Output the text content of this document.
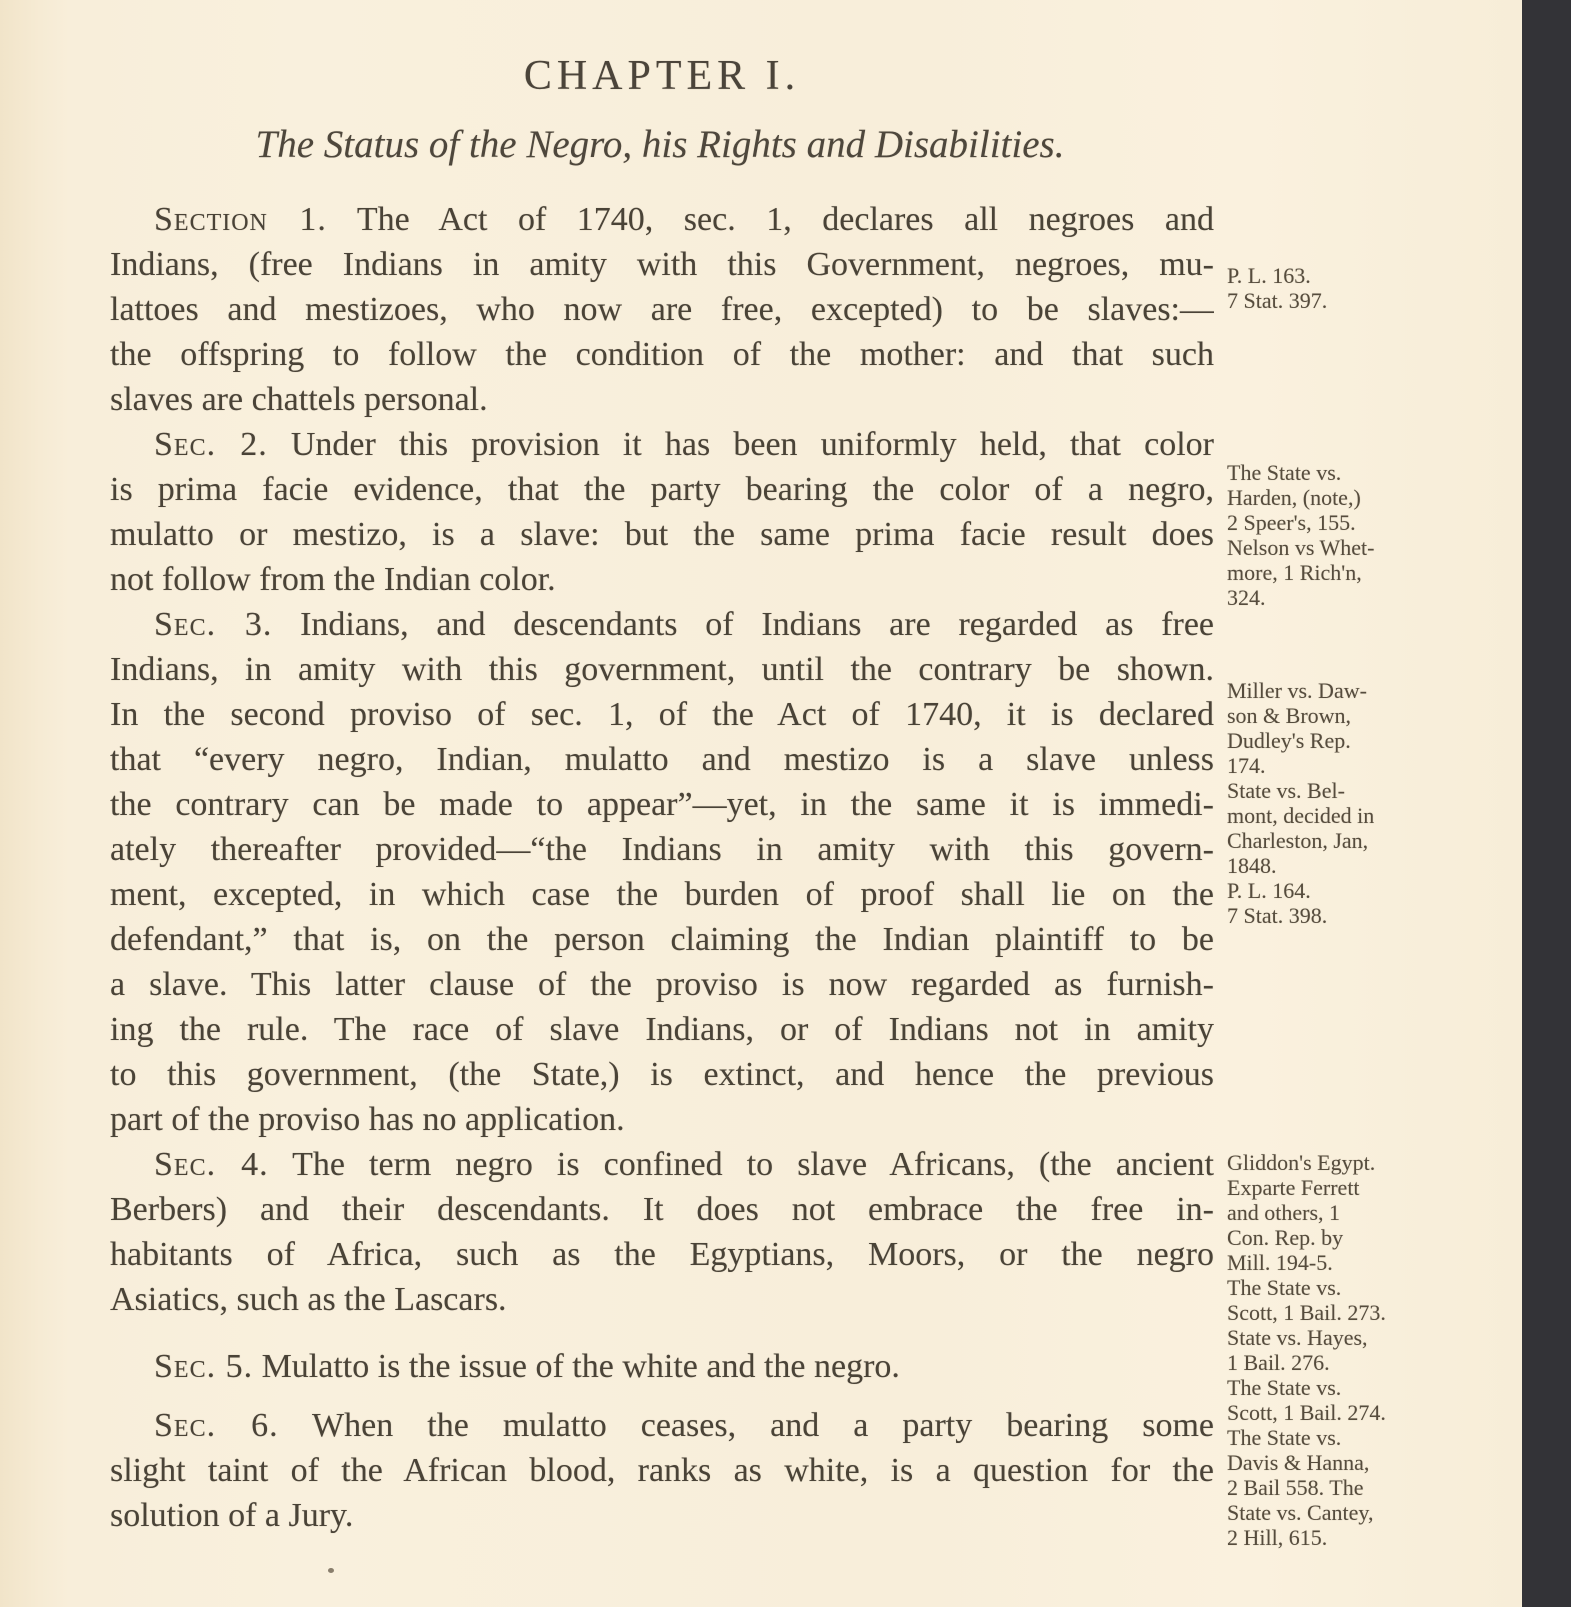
CHAPTER I.
The Status of the Negro, his Rights and Disabilities.
Section 1. The Act of 1740, sec. 1, declares all negroes and
Indians, (free Indians in amity with this Government, negroes, mu-
lattoes and mestizoes, who now are free, excepted) to be slaves:—
the offspring to follow the condition of the mother: and that such
slaves are chattels personal.
Sec. 2. Under this provision it has been uniformly held, that color
is prima facie evidence, that the party bearing the color of a negro,
mulatto or mestizo, is a slave: but the same prima facie result does
not follow from the Indian color.
Sec. 3. Indians, and descendants of Indians are regarded as free
Indians, in amity with this government, until the contrary be shown.
In the second proviso of sec. 1, of the Act of 1740, it is declared
that “every negro, Indian, mulatto and mestizo is a slave unless
the contrary can be made to appear”—yet, in the same it is immedi-
ately thereafter provided—“the Indians in amity with this govern-
ment, excepted, in which case the burden of proof shall lie on the
defendant,” that is, on the person claiming the Indian plaintiff to be
a slave. This latter clause of the proviso is now regarded as furnish-
ing the rule. The race of slave Indians, or of Indians not in amity
to this government, (the State,) is extinct, and hence the previous
part of the proviso has no application.
Sec. 4. The term negro is confined to slave Africans, (the ancient
Berbers) and their descendants. It does not embrace the free in-
habitants of Africa, such as the Egyptians, Moors, or the negro
Asiatics, such as the Lascars.
Sec. 5. Mulatto is the issue of the white and the negro.
Sec. 6. When the mulatto ceases, and a party bearing some
slight taint of the African blood, ranks as white, is a question for the
solution of a Jury.
P. L. 163.
7 Stat. 397.
The State vs.
Harden, (note,)
2 Speer's, 155.
Nelson vs Whet-
more, 1 Rich'n,
324.
Miller vs. Daw-
son & Brown,
Dudley's Rep.
174.
State vs. Bel-
mont, decided in
Charleston, Jan,
1848.
P. L. 164.
7 Stat. 398.
Gliddon's Egypt.
Exparte Ferrett
and others, 1
Con. Rep. by
Mill. 194-5.
The State vs.
Scott, 1 Bail. 273.
State vs. Hayes,
1 Bail. 276.
The State vs.
Scott, 1 Bail. 274.
The State vs.
Davis & Hanna,
2 Bail 558. The
State vs. Cantey,
2 Hill, 615.
